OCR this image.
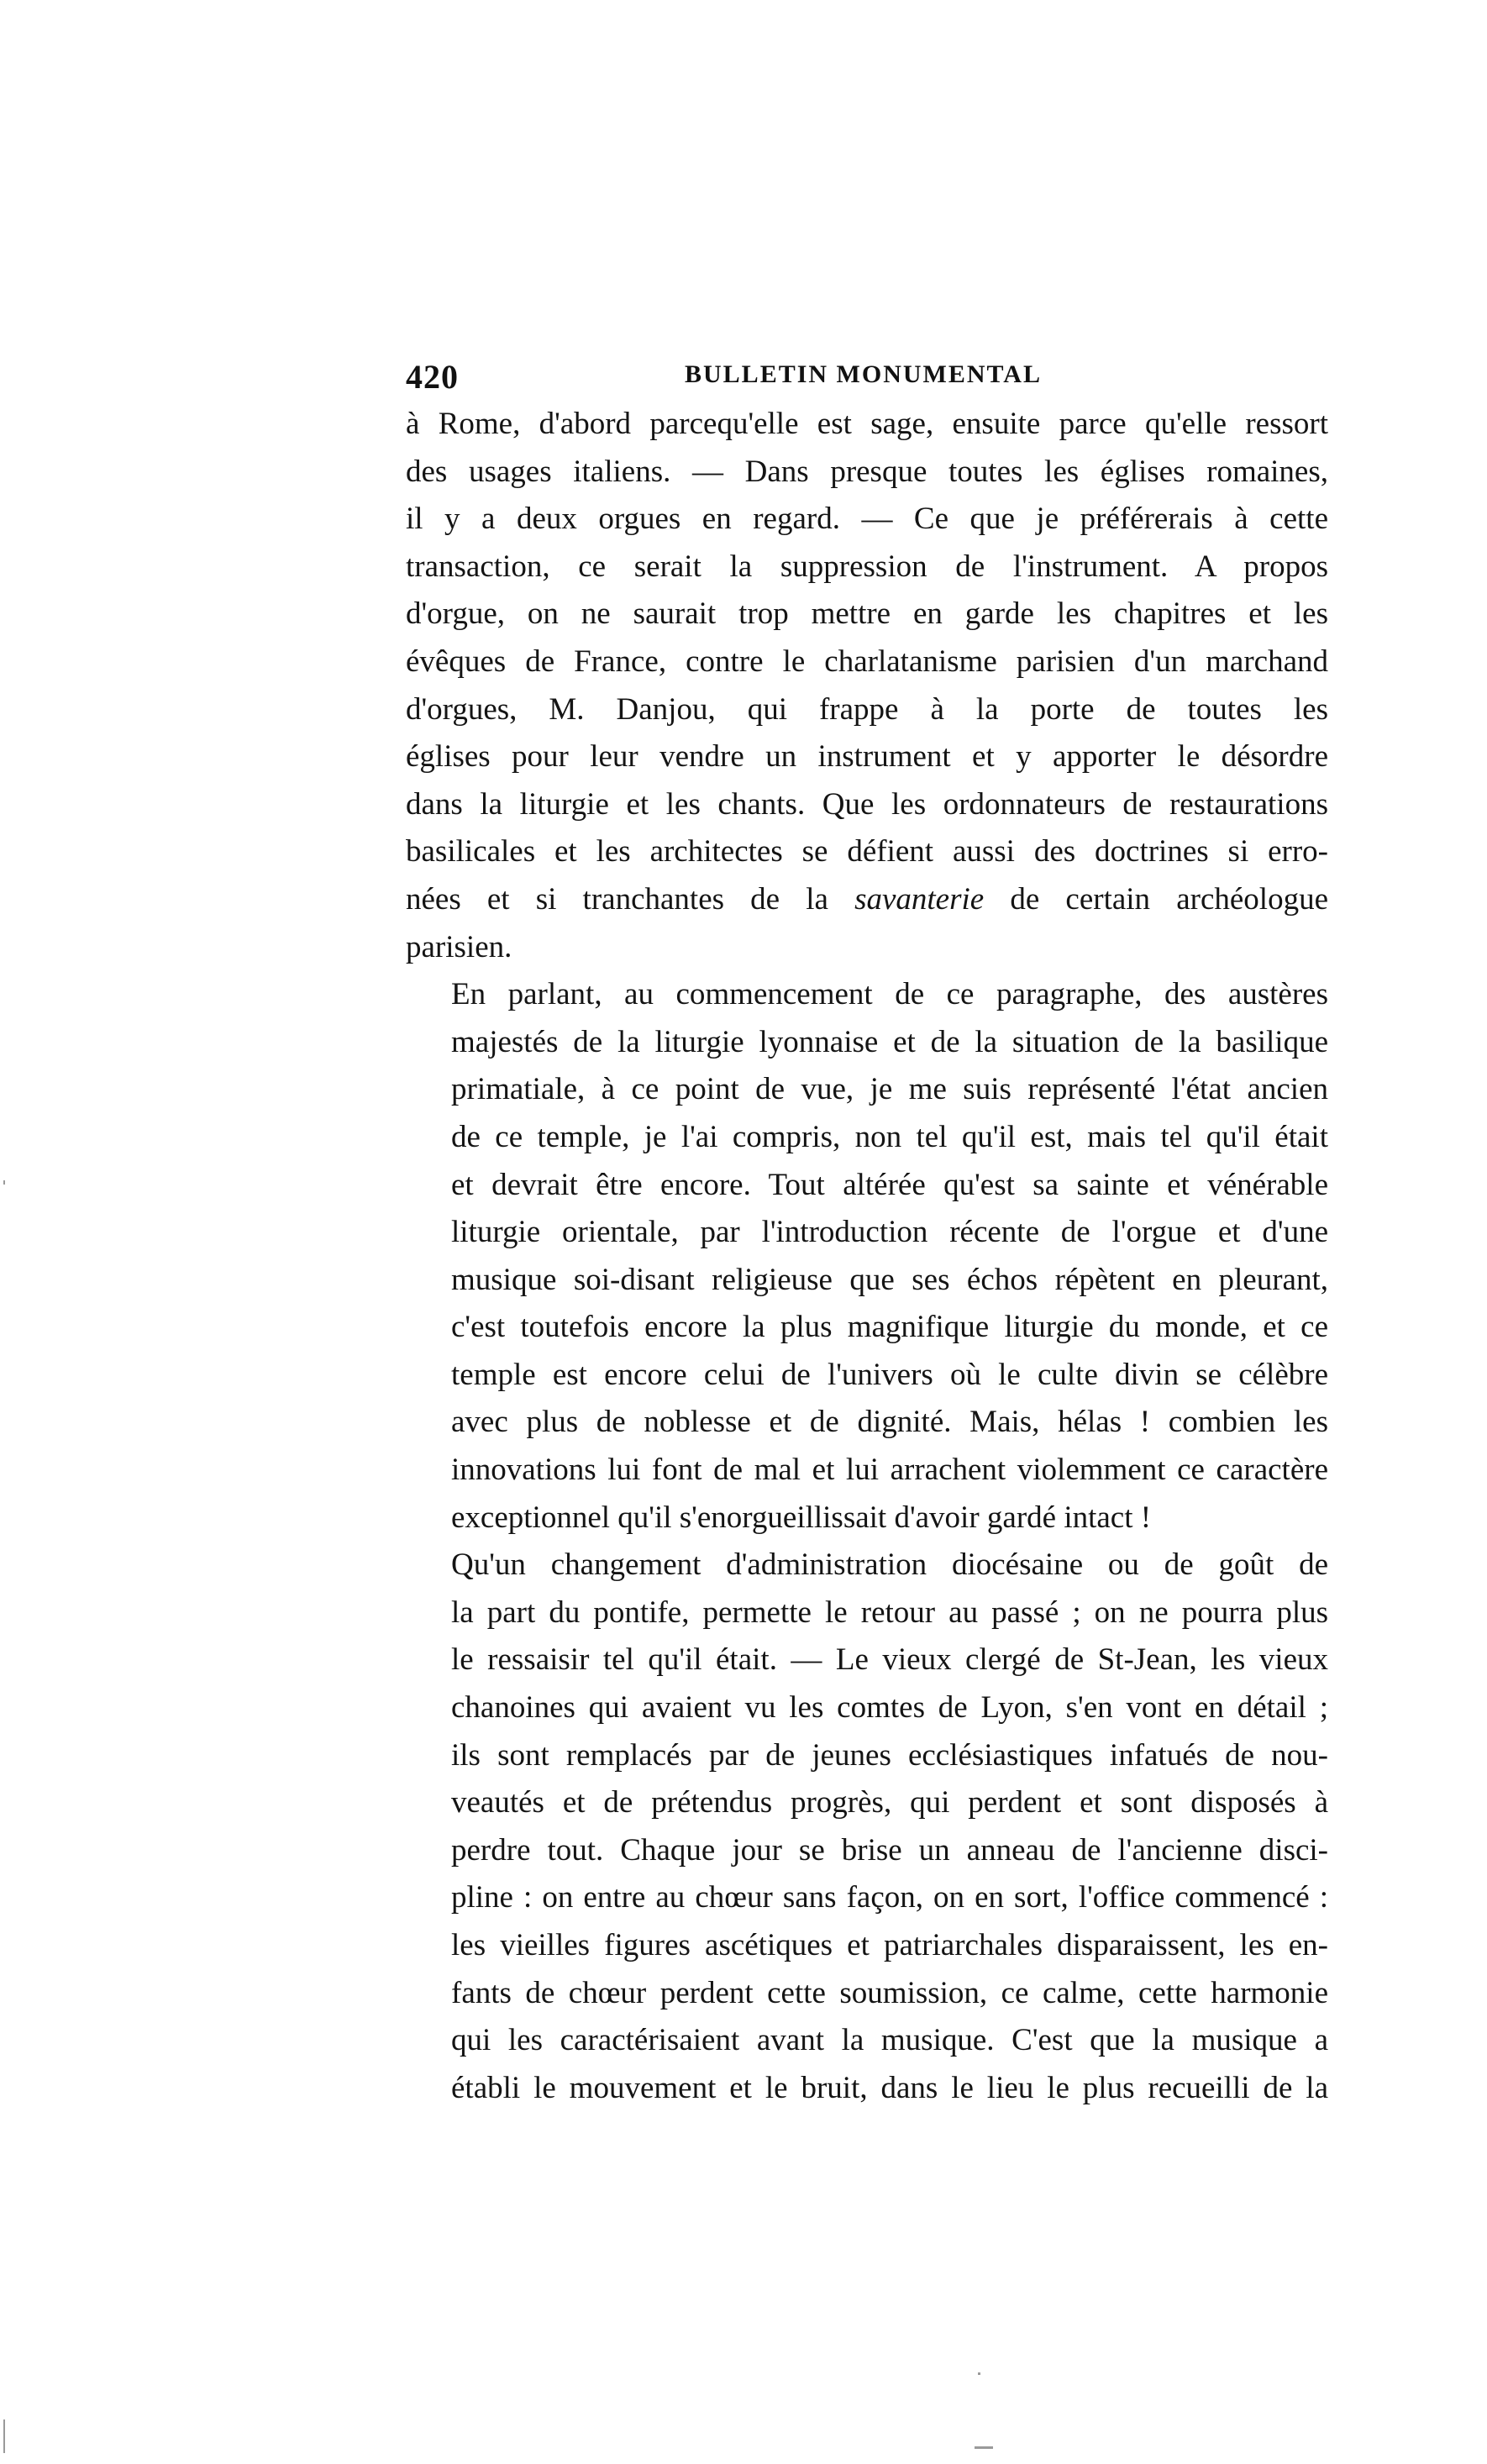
420	BULLETIN MONUMENTAL

à Rome, d'abord parcequ'elle est sage, ensuite parce qu'elle ressort
des usages italiens. — Dans presque toutes les églises romaines,
il y a deux orgues en regard. — Ce que je préférerais à cette
transaction, ce serait la suppression de l'instrument. A propos
d'orgue, on ne saurait trop mettre en garde les chapitres et les
évêques de France, contre le charlatanisme parisien d'un marchand
d'orgues, M. Danjou, qui frappe à la porte de toutes les
églises pour leur vendre un instrument et y apporter le désordre
dans la liturgie et les chants. Que les ordonnateurs de restaurations
basilicales et les architectes se défient aussi des doctrines si erro-
nées et si tranchantes de la savanterie de certain archéologue
parisien.

En parlant, au commencement de ce paragraphe, des austères
majestés de la liturgie lyonnaise et de la situation de la basilique
primatiale, à ce point de vue, je me suis représenté l'état ancien
de ce temple, je l'ai compris, non tel qu'il est, mais tel qu'il était
et devrait être encore. Tout altérée qu'est sa sainte et vénérable
liturgie orientale, par l'introduction récente de l'orgue et d'une
musique soi-disant religieuse que ses échos répètent en pleurant,
c'est toutefois encore la plus magnifique liturgie du monde, et ce
temple est encore celui de l'univers où le culte divin se célèbre
avec plus de noblesse et de dignité. Mais, hélas ! combien les
innovations lui font de mal et lui arrachent violemment ce caractère
exceptionnel qu'il s'enorgueillissait d'avoir gardé intact !

Qu'un changement d'administration diocésaine ou de goût de
la part du pontife, permette le retour au passé ; on ne pourra plus
le ressaisir tel qu'il était. — Le vieux clergé de St-Jean, les vieux
chanoines qui avaient vu les comtes de Lyon, s'en vont en détail ;
ils sont remplacés par de jeunes ecclésiastiques infatués de nou-
veautés et de prétendus progrès, qui perdent et sont disposés à
perdre tout. Chaque jour se brise un anneau de l'ancienne disci-
pline : on entre au chœur sans façon, on en sort, l'office commencé :
les vieilles figures ascétiques et patriarchales disparaissent, les en-
fants de chœur perdent cette soumission, ce calme, cette harmonie
qui les caractérisaient avant la musique. C'est que la musique a
établi le mouvement et le bruit, dans le lieu le plus recueilli de la
